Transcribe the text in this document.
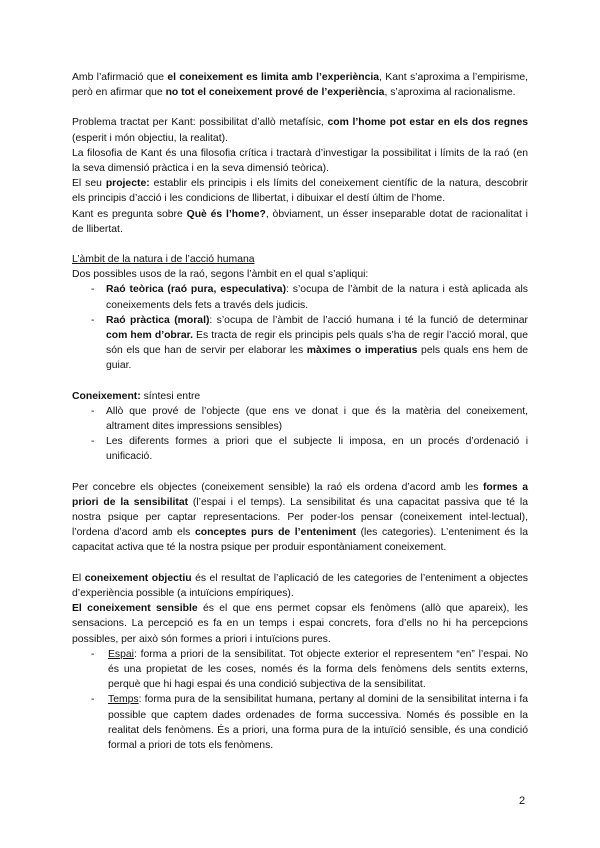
Amb l’afirmació que el coneixement es limita amb l’experiència, Kant s’aproxima a l’empirisme, però en afirmar que no tot el coneixement prové de l’experiència, s’aproxima al racionalisme.

Problema tractat per Kant: possibilitat d’allò metafísic, com l’home pot estar en els dos regnes (esperit i món objectiu, la realitat).

La filosofia de Kant és una filosofia crítica i tractarà d’investigar la possibilitat i límits de la raó (en la seva dimensió pràctica i en la seva dimensió teòrica).

El seu projecte: establir els principis i els límits del coneixement científic de la natura, descobrir els principis d’acció i les condicions de llibertat, i dibuixar el destí últim de l’home.

Kant es pregunta sobre Què és l’home?, òbviament, un ésser inseparable dotat de racionalitat i de llibertat.

L’àmbit de la natura i de l’acció humana

Dos possibles usos de la raó, segons l’àmbit en el qual s’apliqui:

- Raó teòrica (raó pura, especulativa): s’ocupa de l’àmbit de la natura i està aplicada als coneixements dels fets a través dels judicis.
- Raó pràctica (moral): s’ocupa de l’àmbit de l’acció humana i té la funció de determinar com hem d’obrar. Es tracta de regir els principis pels quals s’ha de regir l’acció moral, que són els que han de servir per elaborar les màximes o imperatius pels quals ens hem de guiar.

Coneixement: síntesi entre

- Allò que prové de l’objecte (que ens ve donat i que és la matèria del coneixement, altrament dites impressions sensibles)
- Les diferents formes a priori que el subjecte li imposa, en un procés d’ordenació i unificació.

Per concebre els objectes (coneixement sensible) la raó els ordena d’acord amb les formes a priori de la sensibilitat (l’espai i el temps). La sensibilitat és una capacitat passiva que té la nostra psique per captar representacions. Per poder-los pensar (coneixement intel·lectual), l’ordena d’acord amb els conceptes purs de l’enteniment (les categories). L’enteniment és la capacitat activa que té la nostra psique per produir espontàniament coneixement.

El coneixement objectiu és el resultat de l’aplicació de les categories de l’enteniment a objectes d’experiència possible (a intuïcions empíriques).

El coneixement sensible és el que ens permet copsar els fenòmens (allò que apareix), les sensacions. La percepció es fa en un temps i espai concrets, fora d’ells no hi ha percepcions possibles, per això són formes a priori i intuïcions pures.

- Espai: forma a priori de la sensibilitat. Tot objecte exterior el representem “en” l’espai. No és una propietat de les coses, només és la forma dels fenòmens dels sentits externs, perquè que hi hagi espai és una condició subjectiva de la sensibilitat.
- Temps: forma pura de la sensibilitat humana, pertany al domini de la sensibilitat interna i fa possible que captem dades ordenades de forma successiva. Només és possible en la realitat dels fenòmens. És a priori, una forma pura de la intuïció sensible, és una condició formal a priori de tots els fenòmens.
2
